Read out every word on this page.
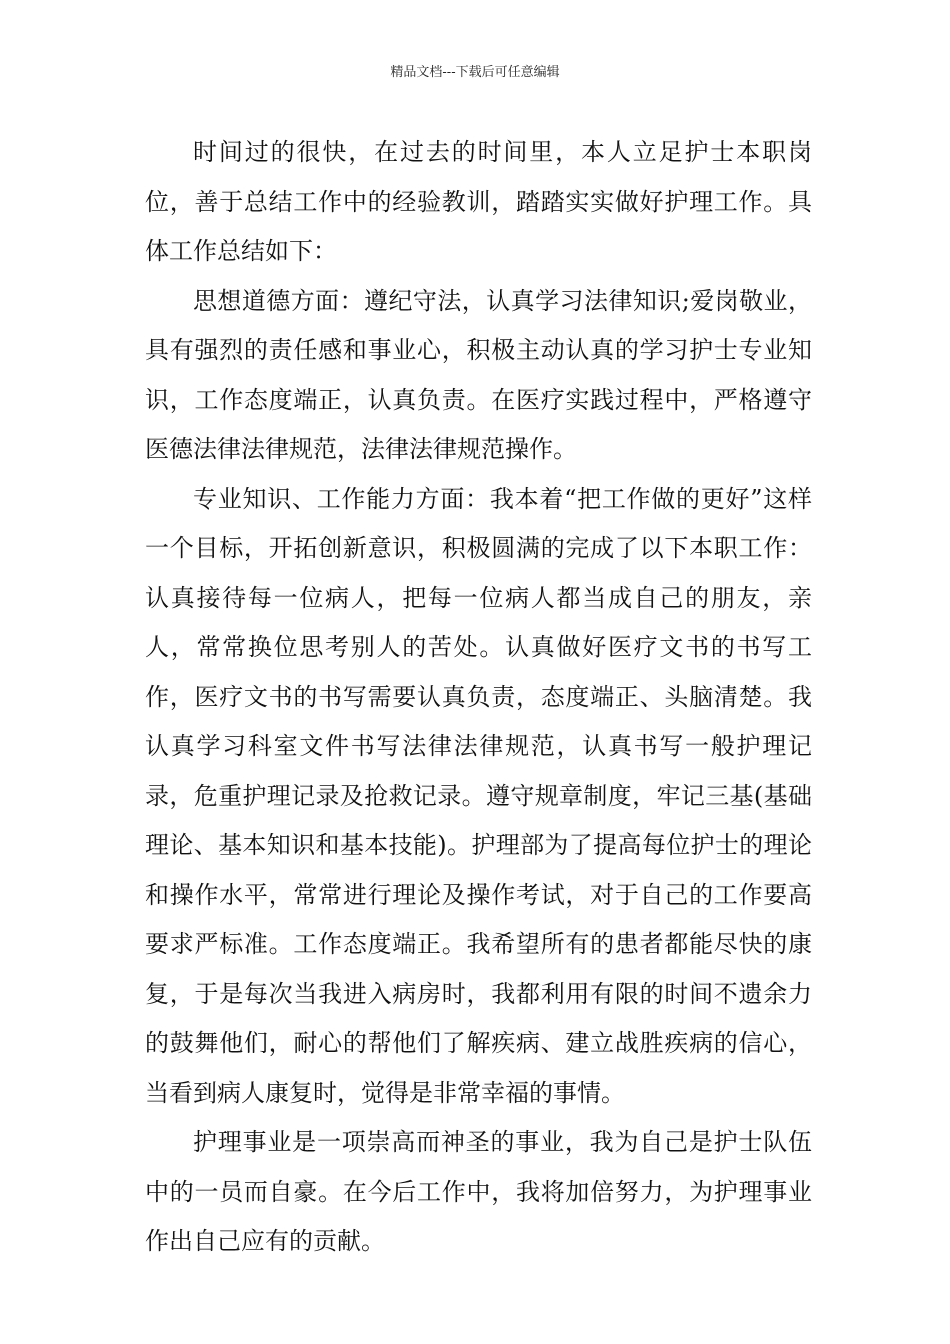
精品文档---下载后可任意编辑

时间过的很快，在过去的时间里，本人立足护士本职岗位，善于总结工作中的经验教训，踏踏实实做好护理工作。具体工作总结如下：

思想道德方面：遵纪守法，认真学习法律知识;爱岗敬业，具有强烈的责任感和事业心，积极主动认真的学习护士专业知识，工作态度端正，认真负责。在医疗实践过程中，严格遵守医德法律法律规范，法律法律规范操作。

专业知识、工作能力方面：我本着“把工作做的更好”这样一个目标，开拓创新意识，积极圆满的完成了以下本职工作：认真接待每一位病人，把每一位病人都当成自己的朋友，亲人，常常换位思考别人的苦处。认真做好医疗文书的书写工作，医疗文书的书写需要认真负责，态度端正、头脑清楚。我认真学习科室文件书写法律法律规范，认真书写一般护理记录，危重护理记录及抢救记录。遵守规章制度，牢记三基(基础理论、基本知识和基本技能)。护理部为了提高每位护士的理论和操作水平，常常进行理论及操作考试，对于自己的工作要高要求严标准。工作态度端正。我希望所有的患者都能尽快的康复，于是每次当我进入病房时，我都利用有限的时间不遗余力的鼓舞他们，耐心的帮他们了解疾病、建立战胜疾病的信心，当看到病人康复时，觉得是非常幸福的事情。

护理事业是一项崇高而神圣的事业，我为自己是护士队伍中的一员而自豪。在今后工作中，我将加倍努力，为护理事业作出自己应有的贡献。
